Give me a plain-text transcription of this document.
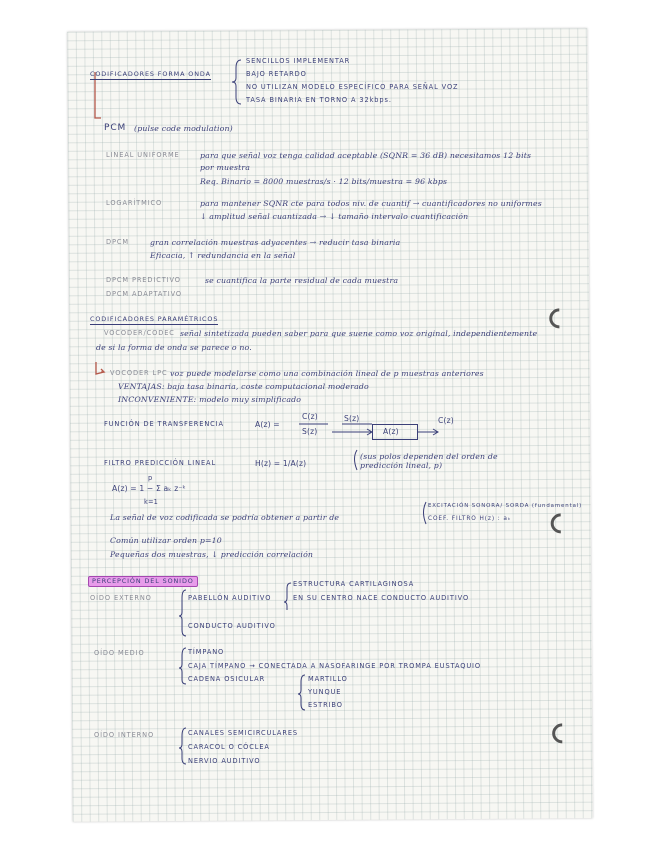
CODIFICADORES FORMA ONDA
SENCILLOS IMPLEMENTAR
BAJO RETARDO
NO UTILIZAN MODELO ESPECÍFICO PARA SEÑAL VOZ
TASA BINARIA EN TORNO A 32kbps.
PCM (pulse code modulation)
LINEAL UNIFORME	para que señal voz tenga calidad aceptable (SQNR = 36 dB) necesitamos 12 bits
por muestra
Req. Binario = 8000 muestras/s · 12 bits/muestra = 96 kbps
LOGARÍTMICO	para mantener SQNR cte para todos niv. de cuantif → cuantificadores no uniformes
↓ amplitud señal cuantizada → ↓ tamaño intervalo cuantificación
DPCM	gran correlación muestras adyacentes → reducir tasa binaria
Eficacia, ↑ redundancia en la señal
DPCM PREDICTIVO	se cuantifica la parte residual de cada muestra
DPCM ADAPTATIVO
CODIFICADORES PARAMÉTRICOS
VOCODER/CODEC señal sintetizada pueden saber para que suene como voz original, independientemente
de si la forma de onda se parece o no.
VOCODER LPC voz puede modelarse como una combinación lineal de p muestras anteriores
VENTAJAS: baja tasa binaria, coste computacional moderado
INCONVENIENTE: modelo muy simplificado
FUNCIÓN DE TRANSFERENCIA	A(z) =
C(z)
S(z)
S(z)
A(z)
C(z)
FILTRO PREDICCIÓN LINEAL	H(z) = 1/A(z)
(sus polos dependen del orden de predicción lineal, p)
p
A(z) = 1 − Σ aₖ z⁻ᵏ
k=1
La señal de voz codificada se podría obtener a partir de
EXCITACIÓN SONORA/ SORDA (fundamental)
COEF. FILTRO H(z) : aₖ
Común utilizar orden p=10
Pequeñas dos muestras, ↓ predicción correlación
PERCEPCIÓN DEL SONIDO
OÍDO EXTERNO	PABELLÓN AUDITIVO
ESTRUCTURA CARTILAGINOSA
EN SU CENTRO NACE CONDUCTO AUDITIVO
CONDUCTO AUDITIVO
OÍDO MEDIO	TÍMPANO
CAJA TÍMPANO → CONECTADA A NASOFARINGE POR TROMPA EUSTAQUIO
CADENA OSICULAR	MARTILLO
YUNQUE
ESTRIBO
OÍDO INTERNO	CANALES SEMICIRCULARES
CARACOL O CÓCLEA
NERVIO AUDITIVO
